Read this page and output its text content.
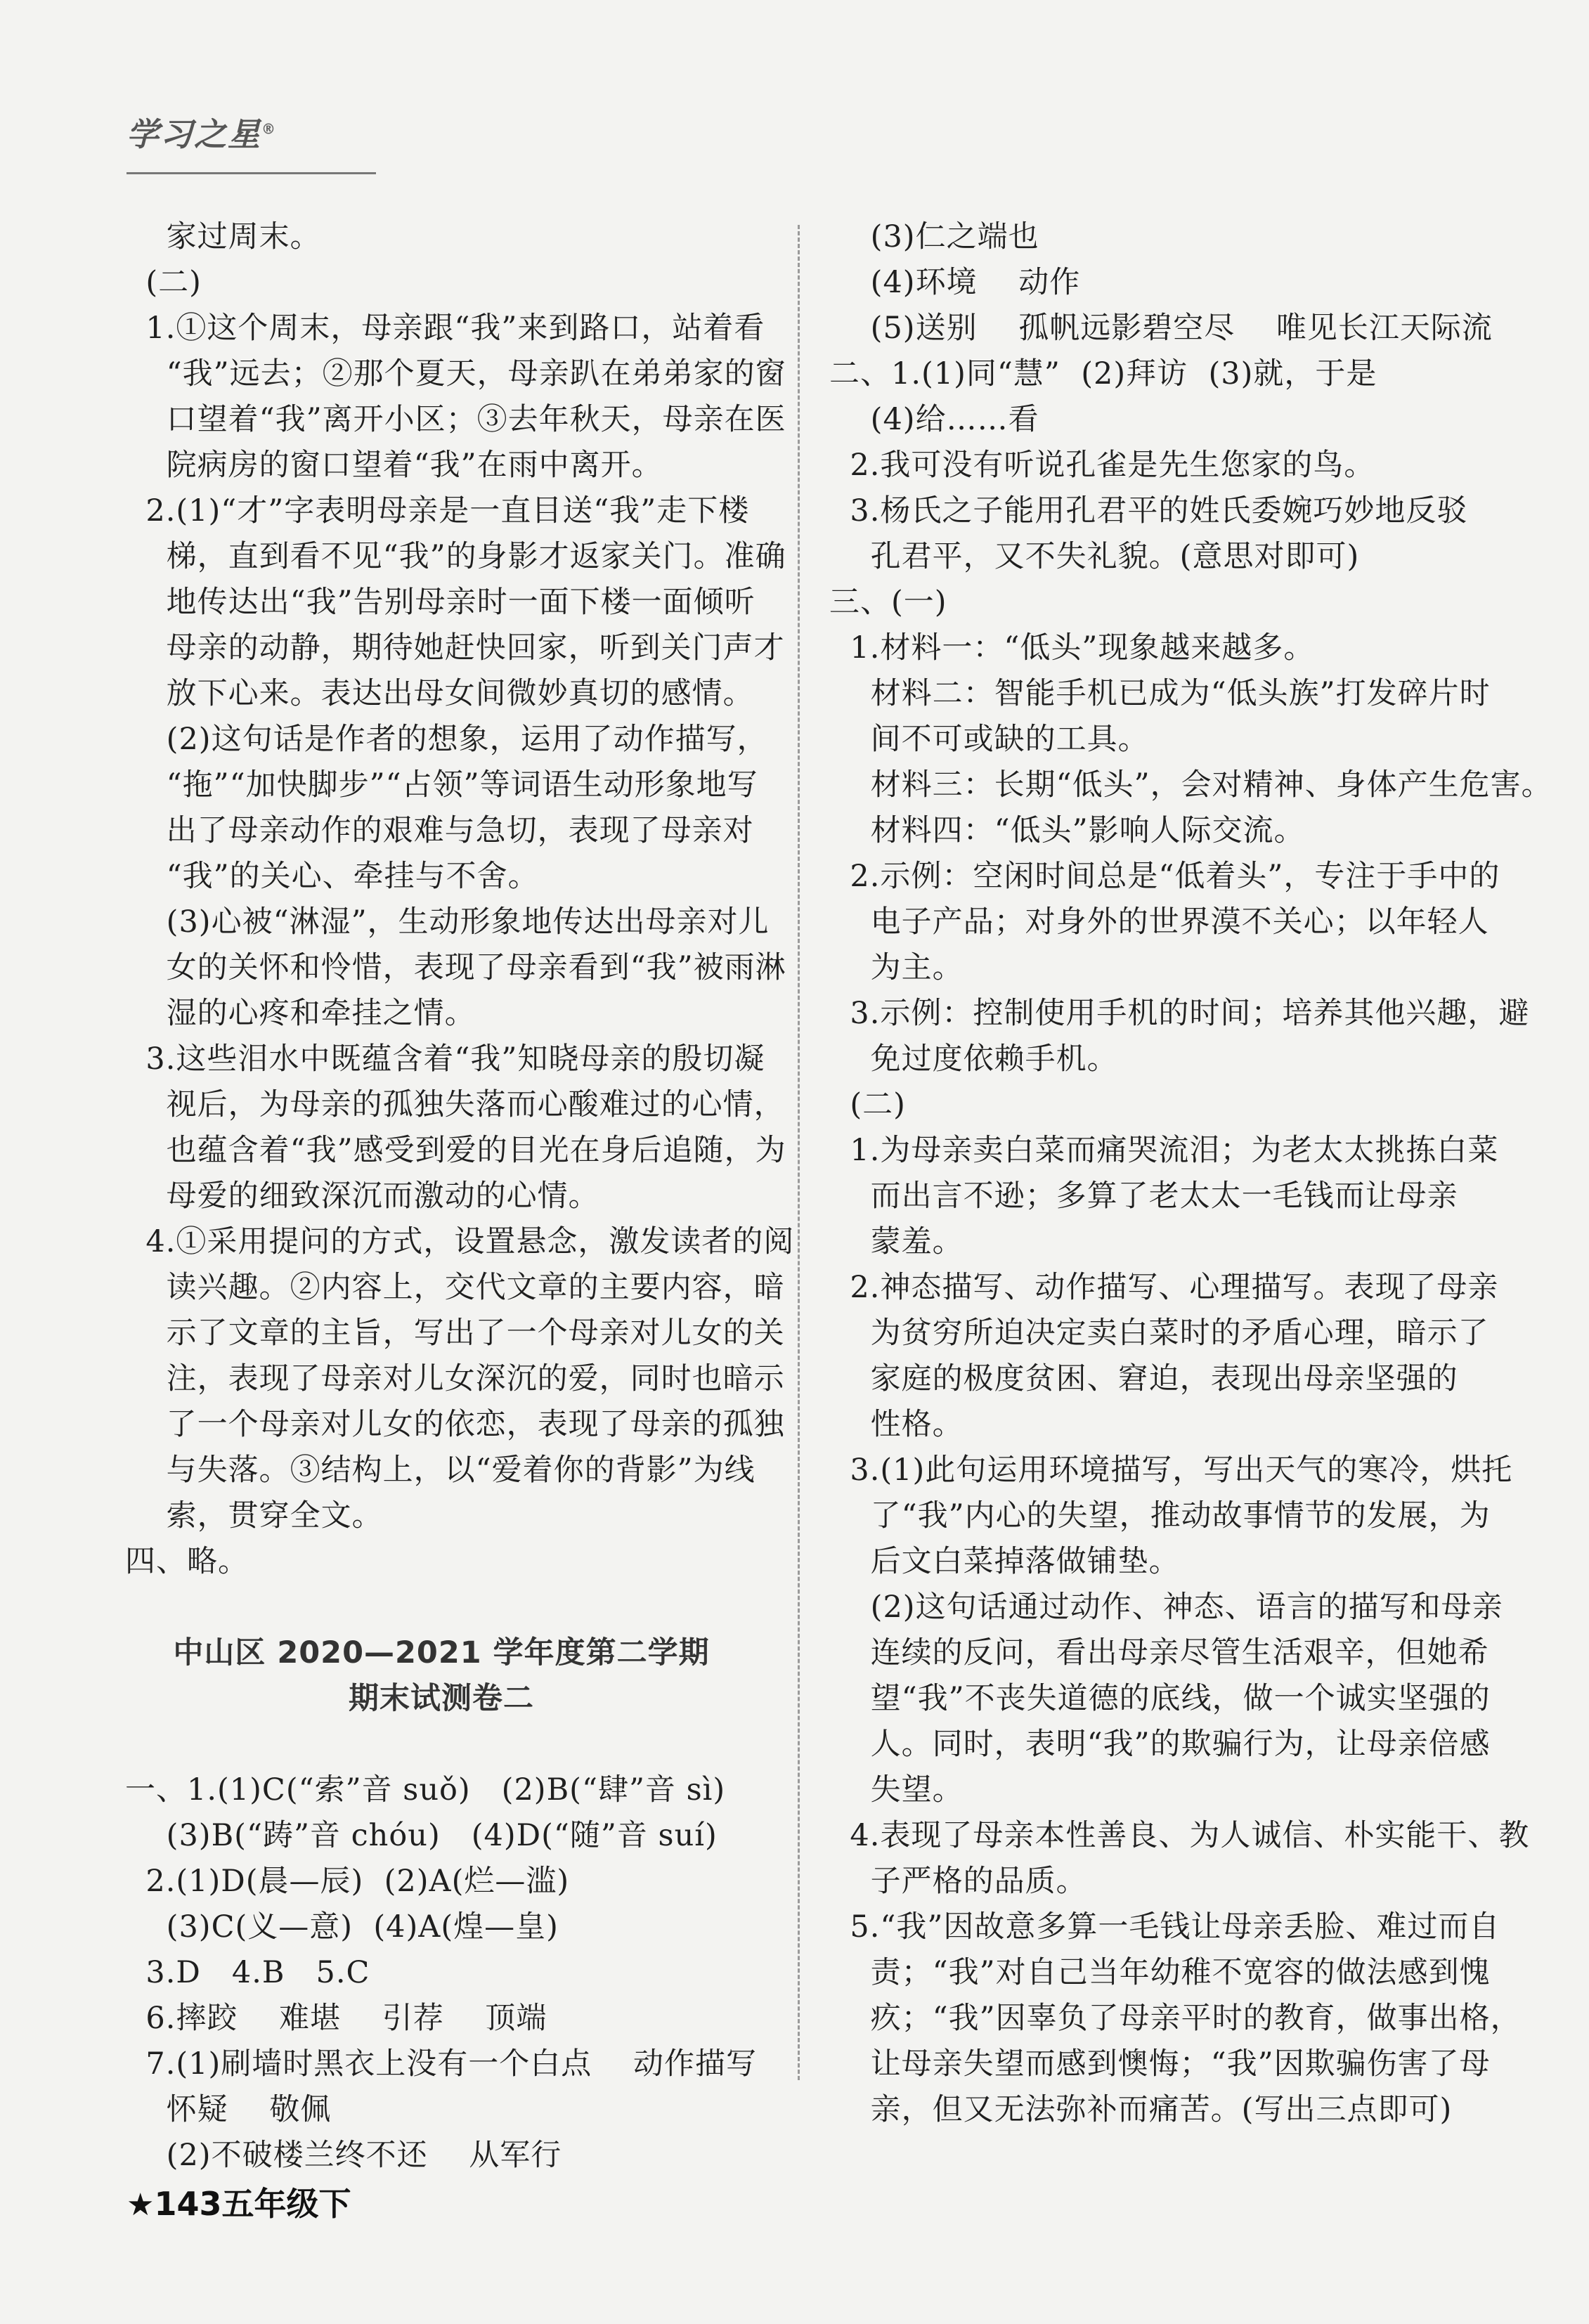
学习之星®
家过周末。
(二)
1.①这个周末，母亲跟“我”来到路口，站着看
“我”远去；②那个夏天，母亲趴在弟弟家的窗
口望着“我”离开小区；③去年秋天，母亲在医
院病房的窗口望着“我”在雨中离开。
2.(1)“才”字表明母亲是一直目送“我”走下楼
梯，直到看不见“我”的身影才返家关门。准确
地传达出“我”告别母亲时一面下楼一面倾听
母亲的动静，期待她赶快回家，听到关门声才
放下心来。表达出母女间微妙真切的感情。
(2)这句话是作者的想象，运用了动作描写，
“拖”“加快脚步”“占领”等词语生动形象地写
出了母亲动作的艰难与急切，表现了母亲对
“我”的关心、牵挂与不舍。
(3)心被“淋湿”，生动形象地传达出母亲对儿
女的关怀和怜惜，表现了母亲看到“我”被雨淋
湿的心疼和牵挂之情。
3.这些泪水中既蕴含着“我”知晓母亲的殷切凝
视后，为母亲的孤独失落而心酸难过的心情，
也蕴含着“我”感受到爱的目光在身后追随，为
母爱的细致深沉而激动的心情。
4.①采用提问的方式，设置悬念，激发读者的阅
读兴趣。②内容上，交代文章的主要内容，暗
示了文章的主旨，写出了一个母亲对儿女的关
注，表现了母亲对儿女深沉的爱，同时也暗示
了一个母亲对儿女的依恋，表现了母亲的孤独
与失落。③结构上，以“爱着你的背影”为线
索，贯穿全文。
四、略。
中山区 2020—2021 学年度第二学期
期末试测卷二
一、1.(1)C(“索”音 suǒ)   (2)B(“肆”音 sì)
(3)B(“踌”音 chóu)   (4)D(“随”音 suí)
2.(1)D(晨—辰)  (2)A(烂—滥)
(3)C(义—意)  (4)A(煌—皇)
3.D   4.B   5.C
6.摔跤    难堪    引荐    顶端
7.(1)刷墙时黑衣上没有一个白点    动作描写
怀疑    敬佩
(2)不破楼兰终不还    从军行
(3)仁之端也
(4)环境    动作
(5)送别    孤帆远影碧空尽    唯见长江天际流
二、1.(1)同“慧”  (2)拜访  (3)就，于是
(4)给……看
2.我可没有听说孔雀是先生您家的鸟。
3.杨氏之子能用孔君平的姓氏委婉巧妙地反驳
孔君平，又不失礼貌。(意思对即可)
三、(一)
1.材料一：“低头”现象越来越多。
材料二：智能手机已成为“低头族”打发碎片时
间不可或缺的工具。
材料三：长期“低头”，会对精神、身体产生危害。
材料四：“低头”影响人际交流。
2.示例：空闲时间总是“低着头”，专注于手中的
电子产品；对身外的世界漠不关心；以年轻人
为主。
3.示例：控制使用手机的时间；培养其他兴趣，避
免过度依赖手机。
(二)
1.为母亲卖白菜而痛哭流泪；为老太太挑拣白菜
而出言不逊；多算了老太太一毛钱而让母亲
蒙羞。
2.神态描写、动作描写、心理描写。表现了母亲
为贫穷所迫决定卖白菜时的矛盾心理，暗示了
家庭的极度贫困、窘迫，表现出母亲坚强的
性格。
3.(1)此句运用环境描写，写出天气的寒冷，烘托
了“我”内心的失望，推动故事情节的发展，为
后文白菜掉落做铺垫。
(2)这句话通过动作、神态、语言的描写和母亲
连续的反问，看出母亲尽管生活艰辛，但她希
望“我”不丧失道德的底线，做一个诚实坚强的
人。同时，表明“我”的欺骗行为，让母亲倍感
失望。
4.表现了母亲本性善良、为人诚信、朴实能干、教
子严格的品质。
5.“我”因故意多算一毛钱让母亲丢脸、难过而自
责；“我”对自己当年幼稚不宽容的做法感到愧
疚；“我”因辜负了母亲平时的教育，做事出格，
让母亲失望而感到懊悔；“我”因欺骗伤害了母
亲，但又无法弥补而痛苦。(写出三点即可)
★143五年级下
